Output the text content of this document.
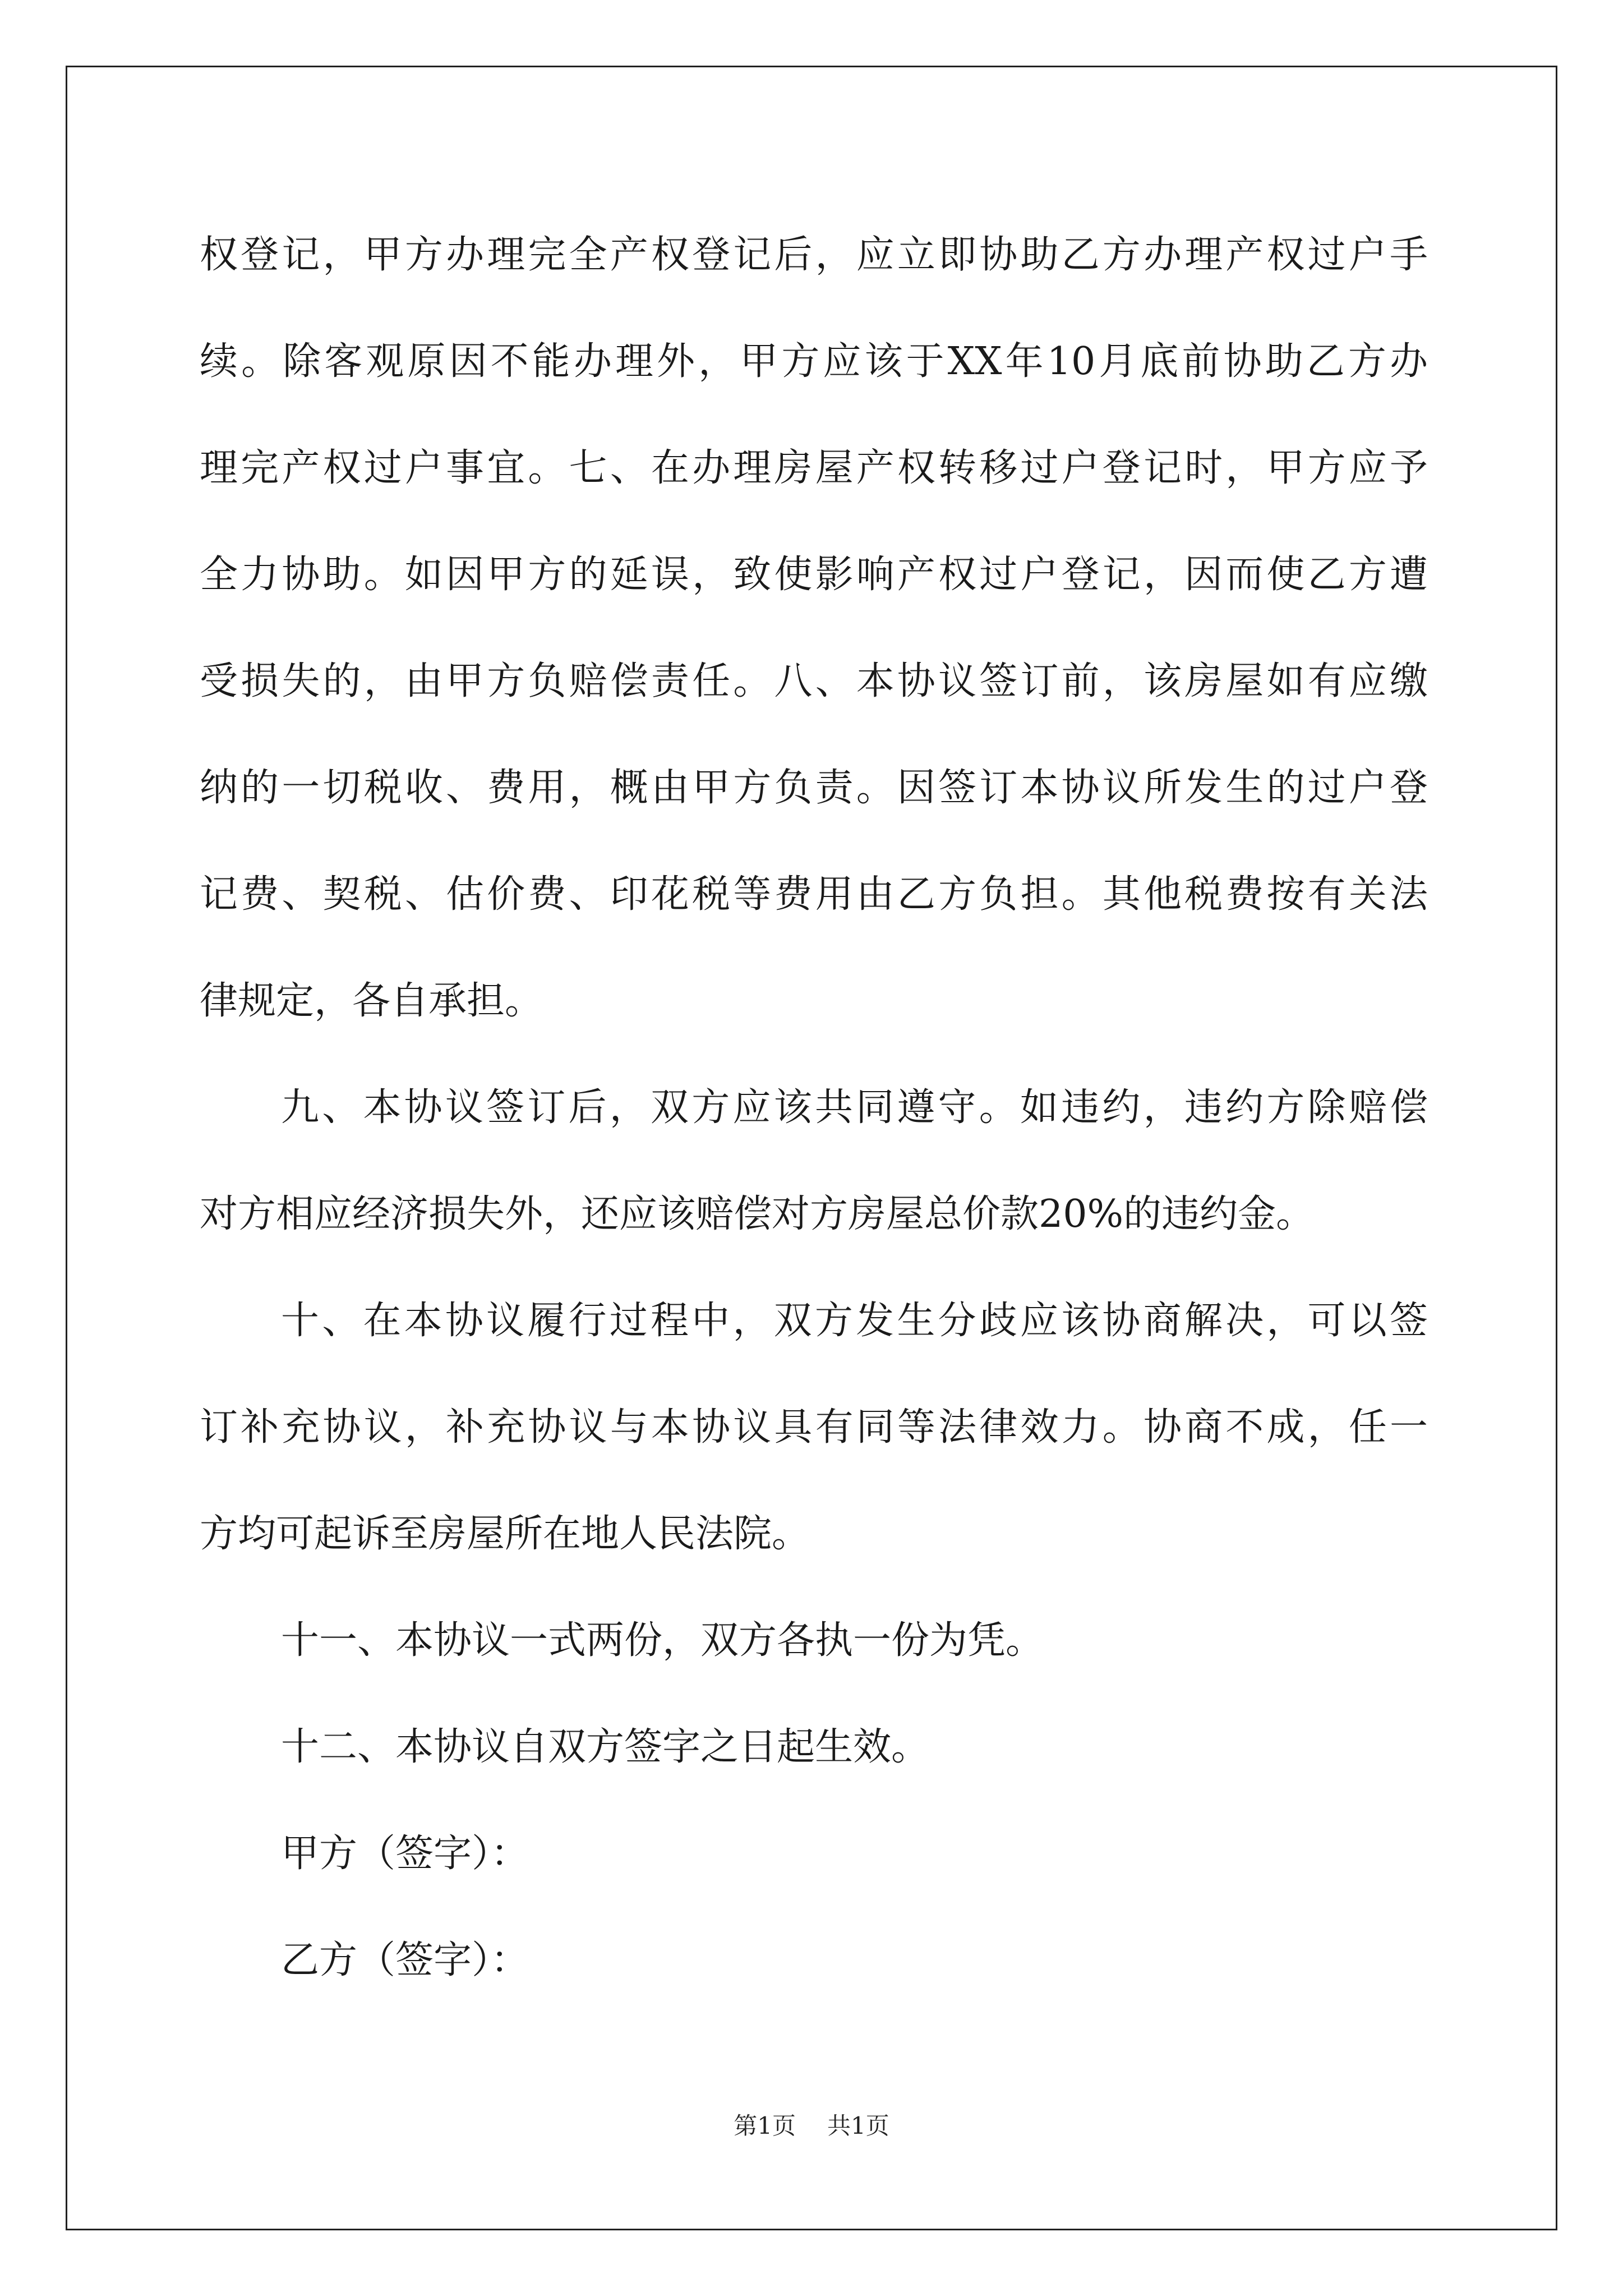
权登记，甲方办理完全产权登记后，应立即协助乙方办理产权过户手
续。除客观原因不能办理外，甲方应该于XX年10月底前协助乙方办
理完产权过户事宜。七、在办理房屋产权转移过户登记时，甲方应予
全力协助。如因甲方的延误，致使影响产权过户登记，因而使乙方遭
受损失的，由甲方负赔偿责任。八、本协议签订前，该房屋如有应缴
纳的一切税收、费用，概由甲方负责。因签订本协议所发生的过户登
记费、契税、估价费、印花税等费用由乙方负担。其他税费按有关法
律规定，各自承担。
九、本协议签订后，双方应该共同遵守。如违约，违约方除赔偿
对方相应经济损失外，还应该赔偿对方房屋总价款20%的违约金。
十、在本协议履行过程中，双方发生分歧应该协商解决，可以签
订补充协议，补充协议与本协议具有同等法律效力。协商不成，任一
方均可起诉至房屋所在地人民法院。
十一、本协议一式两份，双方各执一份为凭。
十二、本协议自双方签字之日起生效。
甲方（签字）：
乙方（签字）：
第1页 共1页
